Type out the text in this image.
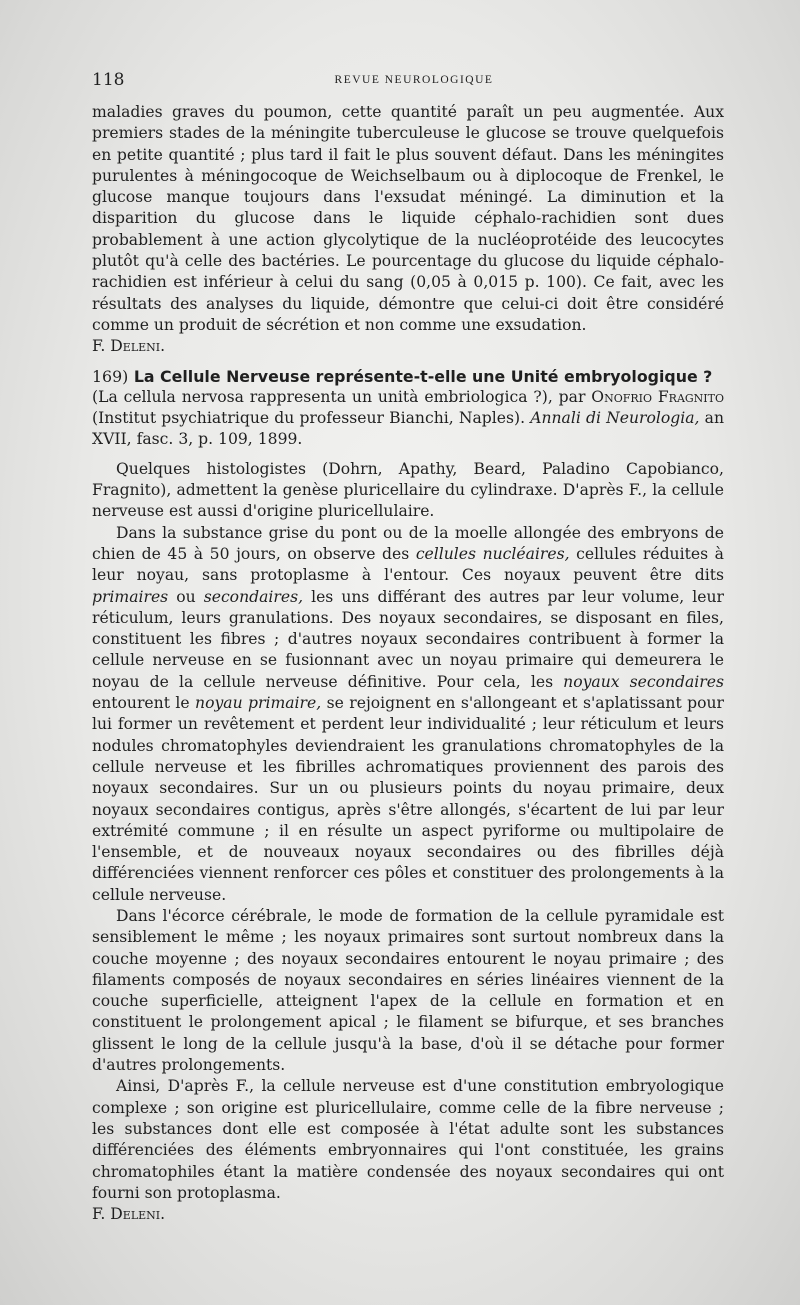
118	REVUE NEUROLOGIQUE

maladies graves du poumon, cette quantité paraît un peu augmentée. Aux premiers stades de la méningite tuberculeuse le glucose se trouve quelquefois en petite quantité ; plus tard il fait le plus souvent défaut. Dans les méningites purulentes à méningocoque de Weichselbaum ou à diplocoque de Frenkel, le glucose manque toujours dans l'exsudat méningé. La diminution et la disparition du glucose dans le liquide céphalo-rachidien sont dues probablement à une action glycolytique de la nucléoprotéide des leucocytes plutôt qu'à celle des bactéries. Le pourcentage du glucose du liquide céphalo-rachidien est inférieur à celui du sang (0,05 à 0,015 p. 100). Ce fait, avec les résultats des analyses du liquide, démontre que celui-ci doit être considéré comme un produit de sécrétion et non comme une exsudation.

F. Deleni.

169) La Cellule Nerveuse représente-t-elle une Unité embryologique ?

(La cellula nervosa rappresenta un unità embriologica ?), par Onofrio Fragnito (Institut psychiatrique du professeur Bianchi, Naples). Annali di Neurologia, an XVII, fasc. 3, p. 109, 1899.

Quelques histologistes (Dohrn, Apathy, Beard, Paladino Capobianco, Fragnito), admettent la genèse pluricellaire du cylindraxe. D'après F., la cellule nerveuse est aussi d'origine pluricellulaire.

Dans la substance grise du pont ou de la moelle allongée des embryons de chien de 45 à 50 jours, on observe des cellules nucléaires, cellules réduites à leur noyau, sans protoplasme à l'entour. Ces noyaux peuvent être dits primaires ou secondaires, les uns différant des autres par leur volume, leur réticulum, leurs granulations. Des noyaux secondaires, se disposant en files, constituent les fibres ; d'autres noyaux secondaires contribuent à former la cellule nerveuse en se fusionnant avec un noyau primaire qui demeurera le noyau de la cellule nerveuse définitive. Pour cela, les noyaux secondaires entourent le noyau primaire, se rejoignent en s'allongeant et s'aplatissant pour lui former un revêtement et perdent leur individualité ; leur réticulum et leurs nodules chromatophyles deviendraient les granulations chromatophyles de la cellule nerveuse et les fibrilles achromatiques proviennent des parois des noyaux secondaires. Sur un ou plusieurs points du noyau primaire, deux noyaux secondaires contigus, après s'être allongés, s'écartent de lui par leur extrémité commune ; il en résulte un aspect pyriforme ou multipolaire de l'ensemble, et de nouveaux noyaux secondaires ou des fibrilles déjà différenciées viennent renforcer ces pôles et constituer des prolongements à la cellule nerveuse.

Dans l'écorce cérébrale, le mode de formation de la cellule pyramidale est sensiblement le même ; les noyaux primaires sont surtout nombreux dans la couche moyenne ; des noyaux secondaires entourent le noyau primaire ; des filaments composés de noyaux secondaires en séries linéaires viennent de la couche superficielle, atteignent l'apex de la cellule en formation et en constituent le prolongement apical ; le filament se bifurque, et ses branches glissent le long de la cellule jusqu'à la base, d'où il se détache pour former d'autres prolongements.

Ainsi, D'après F., la cellule nerveuse est d'une constitution embryologique complexe ; son origine est pluricellulaire, comme celle de la fibre nerveuse ; les substances dont elle est composée à l'état adulte sont les substances différenciées des éléments embryonnaires qui l'ont constituée, les grains chromatophiles étant la matière condensée des noyaux secondaires qui ont fourni son protoplasma.

F. Deleni.
